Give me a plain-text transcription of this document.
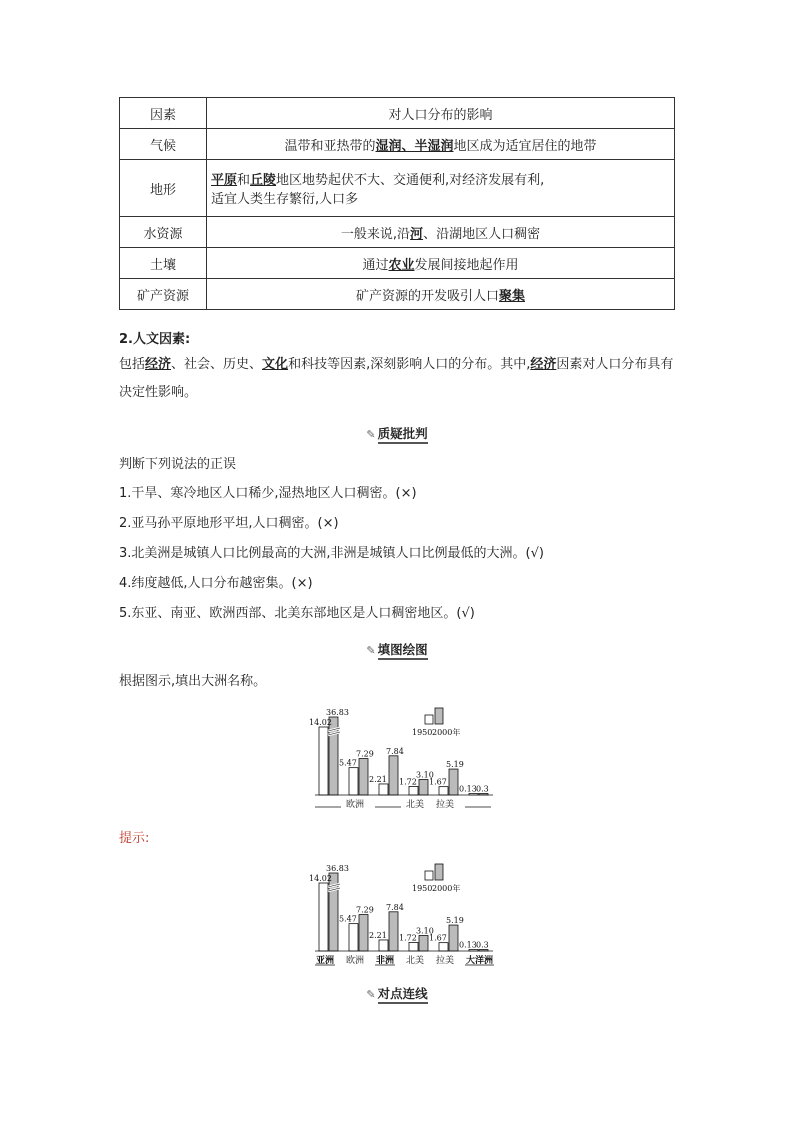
因素	对人口分布的影响
气候	温带和亚热带的湿润、半湿润地区成为适宜居住的地带
地形	平原和丘陵地区地势起伏不大、交通便利,对经济发展有利,
适宜人类生存繁衍,人口多
水资源	一般来说,沿河、沿湖地区人口稠密
土壤	通过农业发展间接地起作用
矿产资源	矿产资源的开发吸引人口聚集
2.人文因素:
包括经济、社会、历史、文化和科技等因素,深刻影响人口的分布。其中,经济因素对人口分布具有决定性影响。
✎ 质疑批判
判断下列说法的正误
1.干旱、寒冷地区人口稀少,湿热地区人口稠密。(×)
2.亚马孙平原地形平坦,人口稠密。(×)
3.北美洲是城镇人口比例最高的大洲,非洲是城镇人口比例最低的大洲。(√)
4.纬度越低,人口分布越密集。(×)
5.东亚、南亚、欧洲西部、北美东部地区是人口稠密地区。(√)
✎ 填图绘图
根据图示,填出大洲名称。
1950 2000年
14.02
36.83
5.47
7.29
欧洲
2.21
7.84
1.72
3.10
北美
1.67
5.19
拉美
0.13 0.3
提示:
1950 2000年
14.02
36.83
亚洲
5.47
7.29
欧洲
2.21
7.84
非洲
1.72
3.10
北美
1.67
5.19
拉美
0.13 0.3
大洋洲
✎ 对点连线
